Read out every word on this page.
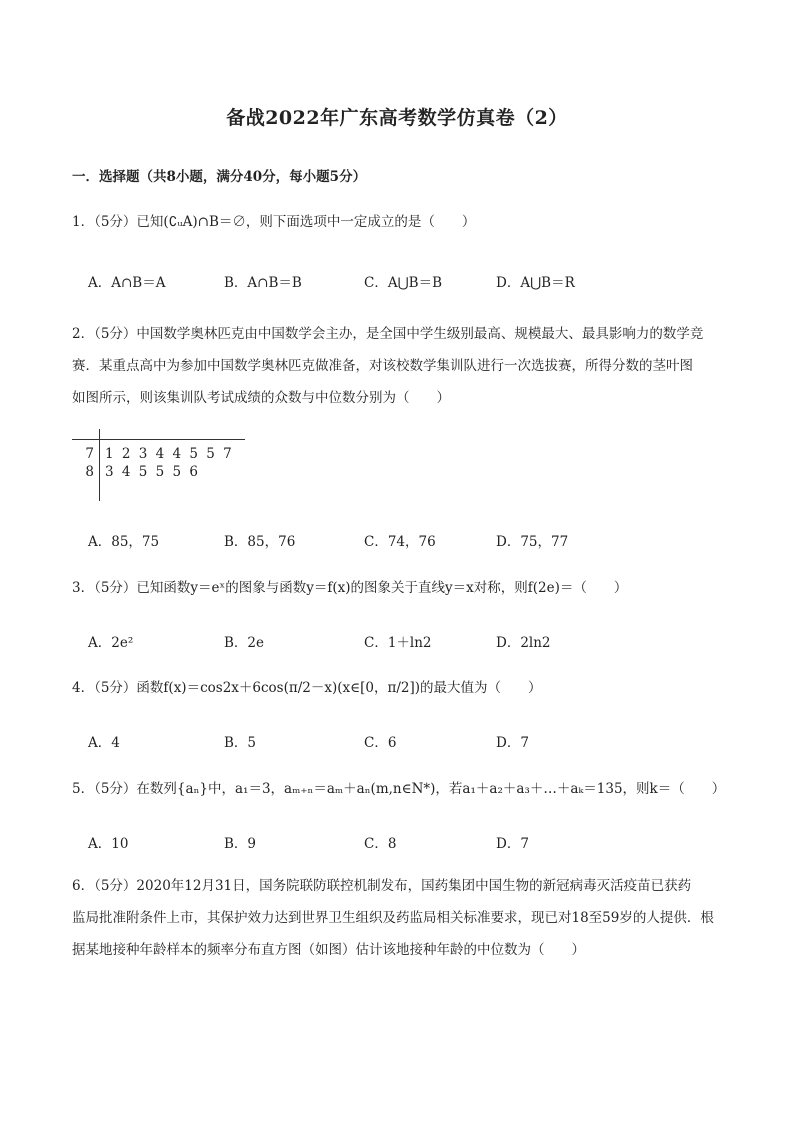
备战2022年广东高考数学仿真卷（2）
一．选择题（共8小题，满分40分，每小题5分）
1．（5分）已知(∁ᵤA)∩B＝∅，则下面选项中一定成立的是（　　）
A．A∩B＝A	B．A∩B＝B	C．A⋃B＝B	D．A⋃B＝R
2．（5分）中国数学奥林匹克由中国数学会主办，是全国中学生级别最高、规模最大、最具影响力的数学竞
赛．某重点高中为参加中国数学奥林匹克做准备，对该校数学集训队进行一次选拔赛，所得分数的茎叶图
如图所示，则该集训队考试成绩的众数与中位数分别为（　　）
7 1 2 3 4 4 5 5 7
8 3 4 5 5 5 6
A．85，75	B．85，76	C．74，76	D．75，77
3．（5分）已知函数y＝eˣ的图象与函数y＝f(x)的图象关于直线y＝x对称，则f(2e)＝（　　）
A．2e²	B．2e	C．1＋ln2	D．2ln2
4．（5分）函数f(x)＝cos2x＋6cos(π/2－x)(x∈[0，π/2])的最大值为（　　）
A．4	B．5	C．6	D．7
5．（5分）在数列{aₙ}中，a₁＝3，aₘ₊ₙ＝aₘ＋aₙ(m,n∈N*)，若a₁＋a₂＋a₃＋…＋aₖ＝135，则k＝（　　）
A．10	B．9	C．8	D．7
6．（5分）2020年12月31日，国务院联防联控机制发布，国药集团中国生物的新冠病毒灭活疫苗已获药
监局批准附条件上市，其保护效力达到世界卫生组织及药监局相关标准要求，现已对18至59岁的人提供．根
据某地接种年龄样本的频率分布直方图（如图）估计该地接种年龄的中位数为（　　）
